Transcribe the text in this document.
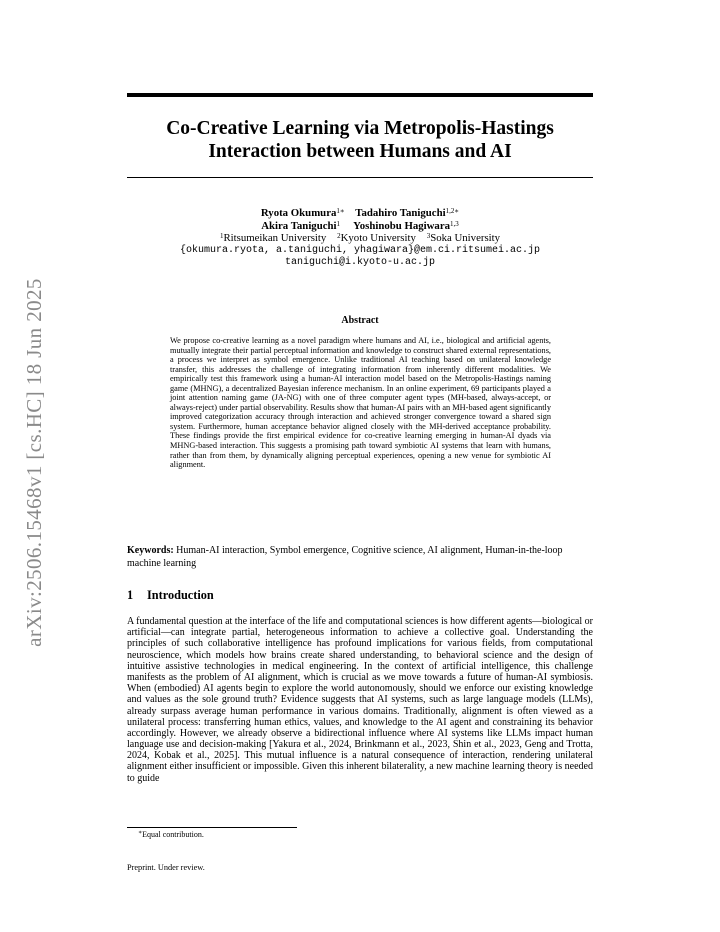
arXiv:2506.15468v1 [cs.HC] 18 Jun 2025
Co-Creative Learning via Metropolis-Hastings
Interaction between Humans and AI
Ryota Okumura$^{1∗}$ Tadahiro Taniguchi$^{1,2∗}$
Akira Taniguchi$^1$ Yoshinobu Hagiwara$^{1,3}$
$^1$Ritsumeikan University $^2$Kyoto University $^3$Soka University
{okumura.ryota, a.taniguchi, yhagiwara}@em.ci.ritsumei.ac.jp
taniguchi@i.kyoto-u.ac.jp
Abstract
We propose co-creative learning as a novel paradigm where humans and AI, i.e., biological and artificial agents, mutually integrate their partial perceptual information and knowledge to construct shared external representations, a process we interpret as symbol emergence. Unlike traditional AI teaching based on unilateral knowledge transfer, this addresses the challenge of integrating information from inherently different modalities. We empirically test this framework using a human-AI interaction model based on the Metropolis-Hastings naming game (MHNG), a decentralized Bayesian inference mechanism. In an online experiment, 69 participants played a joint attention naming game (JA-NG) with one of three computer agent types (MH-based, always-accept, or always-reject) under partial observability. Results show that human-AI pairs with an MH-based agent significantly improved categorization accuracy through interaction and achieved stronger convergence toward a shared sign system. Furthermore, human acceptance behavior aligned closely with the MH-derived acceptance probability. These findings provide the first empirical evidence for co-creative learning emerging in human-AI dyads via MHNG-based interaction. This suggests a promising path toward symbiotic AI systems that learn with humans, rather than from them, by dynamically aligning perceptual experiences, opening a new venue for symbiotic AI alignment.
Keywords: Human-AI interaction, Symbol emergence, Cognitive science, AI alignment, Human-in-the-loop machine learning
1 Introduction
A fundamental question at the interface of the life and computational sciences is how different agents—biological or artificial—can integrate partial, heterogeneous information to achieve a collective goal. Understanding the principles of such collaborative intelligence has profound implications for various fields, from computational neuroscience, which models how brains create shared understanding, to behavioral science and the design of intuitive assistive technologies in medical engineering. In the context of artificial intelligence, this challenge manifests as the problem of AI alignment, which is crucial as we move towards a future of human-AI symbiosis. When (embodied) AI agents begin to explore the world autonomously, should we enforce our existing knowledge and values as the sole ground truth? Evidence suggests that AI systems, such as large language models (LLMs), already surpass average human performance in various domains. Traditionally, alignment is often viewed as a unilateral process: transferring human ethics, values, and knowledge to the AI agent and constraining its behavior accordingly. However, we already observe a bidirectional influence where AI systems like LLMs impact human language use and decision-making [Yakura et al., 2024, Brinkmann et al., 2023, Shin et al., 2023, Geng and Trotta, 2024, Kobak et al., 2025]. This mutual influence is a natural consequence of interaction, rendering unilateral alignment either insufficient or impossible. Given this inherent bilaterality, a new machine learning theory is needed to guide
∗Equal contribution.
Preprint. Under review.
